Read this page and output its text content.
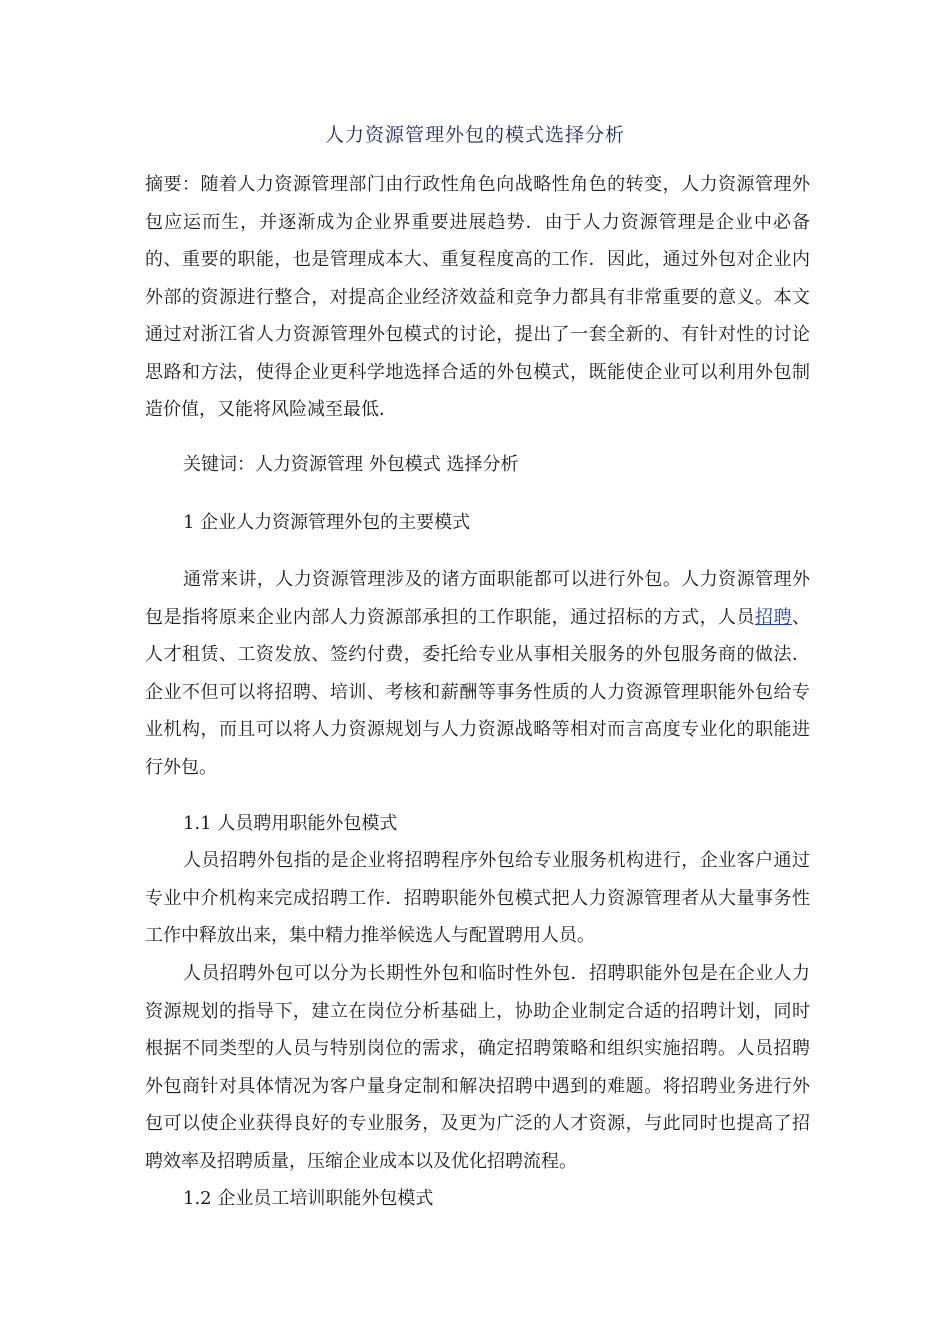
人力资源管理外包的模式选择分析

摘要：随着人力资源管理部门由行政性角色向战略性角色的转变，人力资源管理外包应运而生，并逐渐成为企业界重要进展趋势．由于人力资源管理是企业中必备的、重要的职能，也是管理成本大、重复程度高的工作．因此，通过外包对企业内外部的资源进行整合，对提高企业经济效益和竞争力都具有非常重要的意义。本文通过对浙江省人力资源管理外包模式的讨论，提出了一套全新的、有针对性的讨论思路和方法，使得企业更科学地选择合适的外包模式，既能使企业可以利用外包制造价值，又能将风险减至最低．

关键词：人力资源管理 外包模式 选择分析

1 企业人力资源管理外包的主要模式

通常来讲，人力资源管理涉及的诸方面职能都可以进行外包。人力资源管理外包是指将原来企业内部人力资源部承担的工作职能，通过招标的方式，人员招聘、人才租赁、工资发放、签约付费，委托给专业从事相关服务的外包服务商的做法．企业不但可以将招聘、培训、考核和薪酬等事务性质的人力资源管理职能外包给专业机构，而且可以将人力资源规划与人力资源战略等相对而言高度专业化的职能进行外包。

1.1 人员聘用职能外包模式

人员招聘外包指的是企业将招聘程序外包给专业服务机构进行，企业客户通过专业中介机构来完成招聘工作．招聘职能外包模式把人力资源管理者从大量事务性工作中释放出来，集中精力推举候选人与配置聘用人员。

人员招聘外包可以分为长期性外包和临时性外包．招聘职能外包是在企业人力资源规划的指导下，建立在岗位分析基础上，协助企业制定合适的招聘计划，同时根据不同类型的人员与特别岗位的需求，确定招聘策略和组织实施招聘。人员招聘外包商针对具体情况为客户量身定制和解决招聘中遇到的难题。将招聘业务进行外包可以使企业获得良好的专业服务，及更为广泛的人才资源，与此同时也提高了招聘效率及招聘质量，压缩企业成本以及优化招聘流程。

1.2 企业员工培训职能外包模式
